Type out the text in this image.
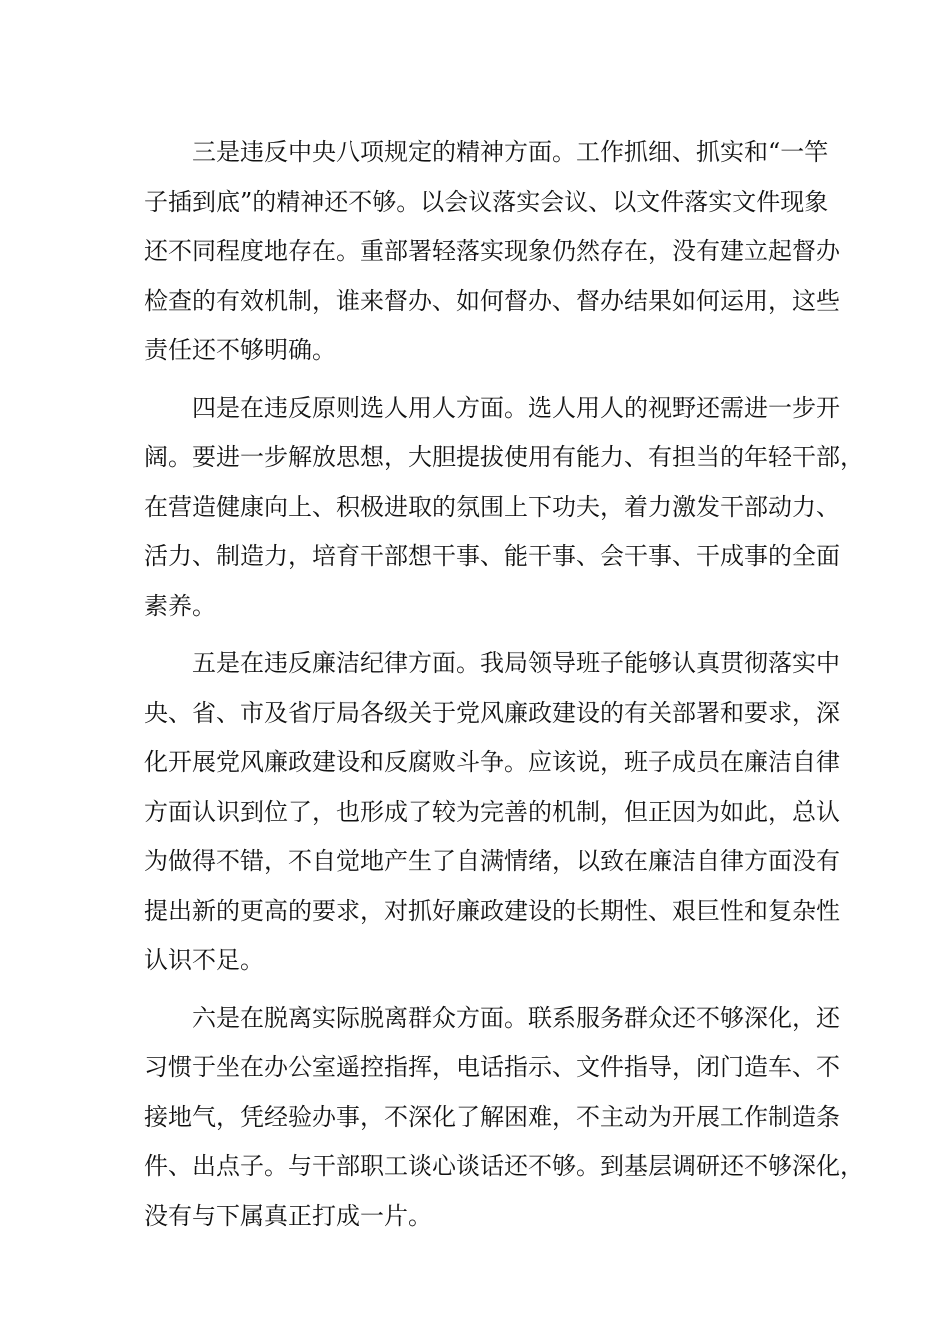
三是违反中央八项规定的精神方面。工作抓细、抓实和“一竿
子插到底”的精神还不够。以会议落实会议、以文件落实文件现象
还不同程度地存在。重部署轻落实现象仍然存在，没有建立起督办
检查的有效机制，谁来督办、如何督办、督办结果如何运用，这些
责任还不够明确。
四是在违反原则选人用人方面。选人用人的视野还需进一步开
阔。要进一步解放思想，大胆提拔使用有能力、有担当的年轻干部，
在营造健康向上、积极进取的氛围上下功夫，着力激发干部动力、
活力、制造力，培育干部想干事、能干事、会干事、干成事的全面
素养。
五是在违反廉洁纪律方面。我局领导班子能够认真贯彻落实中
央、省、市及省厅局各级关于党风廉政建设的有关部署和要求，深
化开展党风廉政建设和反腐败斗争。应该说，班子成员在廉洁自律
方面认识到位了，也形成了较为完善的机制，但正因为如此，总认
为做得不错，不自觉地产生了自满情绪，以致在廉洁自律方面没有
提出新的更高的要求，对抓好廉政建设的长期性、艰巨性和复杂性
认识不足。
六是在脱离实际脱离群众方面。联系服务群众还不够深化，还
习惯于坐在办公室遥控指挥，电话指示、文件指导，闭门造车、不
接地气，凭经验办事，不深化了解困难，不主动为开展工作制造条
件、出点子。与干部职工谈心谈话还不够。到基层调研还不够深化，
没有与下属真正打成一片。
